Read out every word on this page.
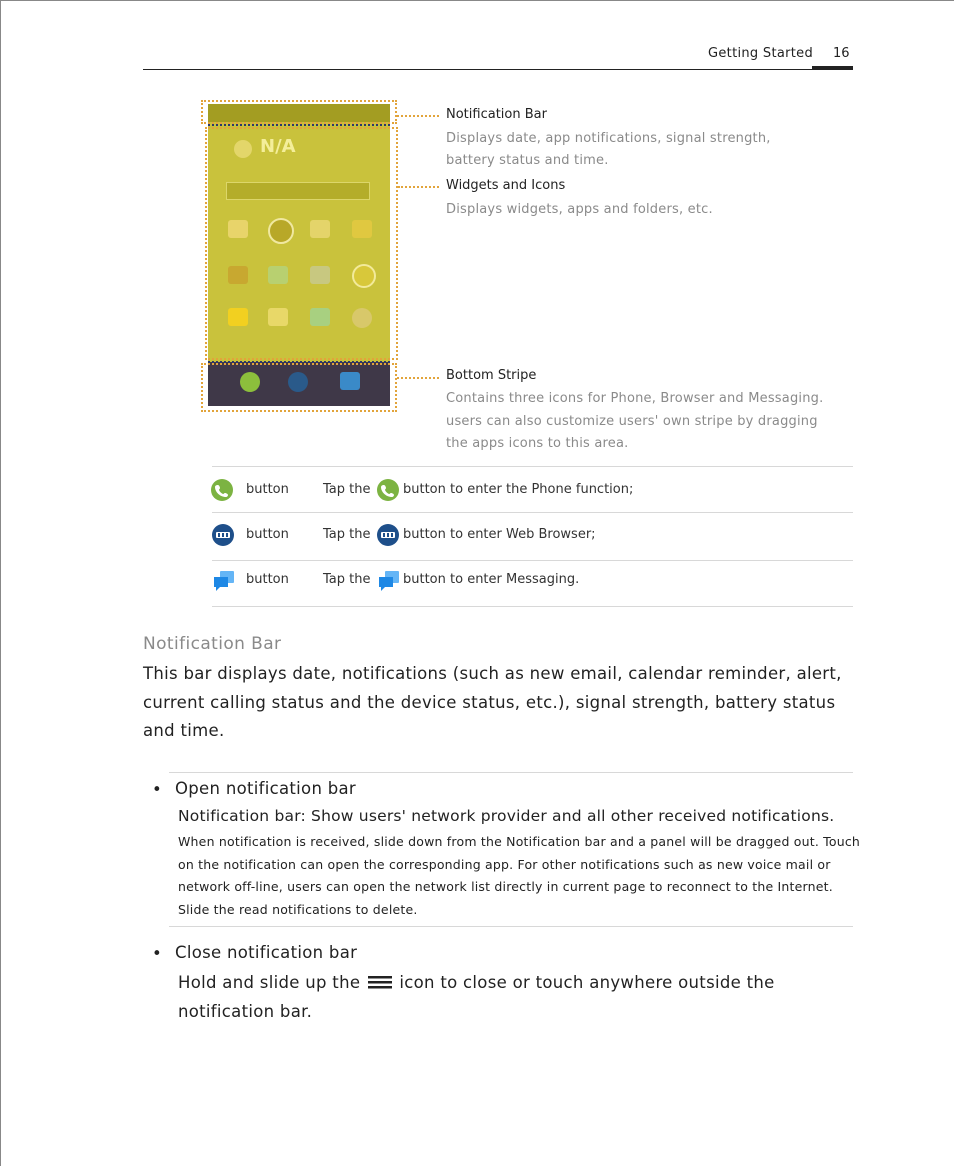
Getting Started 16
N/A
Notification Bar
Displays date, app notifications, signal strength,
battery status and time.
Widgets and Icons
Displays widgets, apps and folders, etc.
Bottom Stripe
Contains three icons for Phone, Browser and Messaging.
users can also customize users' own stripe by dragging
the apps icons to this area.
button	Tap the	button to enter the Phone function;
button	Tap the	button to enter Web Browser;
button	Tap the	button to enter Messaging.
Notification Bar
This bar displays date, notifications (such as new email, calendar reminder, alert, current calling status and the device status, etc.), signal strength, battery status and time.
• Open notification bar
Notification bar: Show users' network provider and all other received notifications.
When notification is received, slide down from the Notification bar and a panel will be dragged out. Touch on the notification can open the corresponding app. For other notifications such as new voice mail or network off-line, users can open the network list directly in current page to reconnect to the Internet. Slide the read notifications to delete.
• Close notification bar
Hold and slide up the icon to close or touch anywhere outside the notification bar.
